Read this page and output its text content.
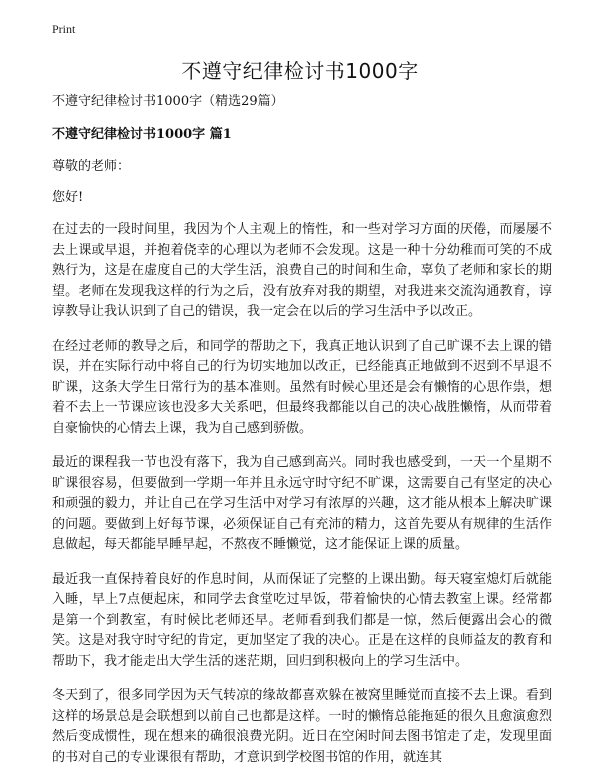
Print
不遵守纪律检讨书1000字

不遵守纪律检讨书1000字（精选29篇）

不遵守纪律检讨书1000字 篇1

尊敬的老师：

您好!

在过去的一段时间里，我因为个人主观上的惰性，和一些对学习方面的厌倦，而屡屡不去上课或早退，并抱着侥幸的心理以为老师不会发现。这是一种十分幼稚而可笑的不成熟行为，这是在虚度自己的大学生活，浪费自己的时间和生命，辜负了老师和家长的期望。老师在发现我这样的行为之后，没有放弃对我的期望，对我进来交流沟通教育，谆谆教导让我认识到了自己的错误，我一定会在以后的学习生活中予以改正。

在经过老师的教导之后，和同学的帮助之下，我真正地认识到了自己旷课不去上课的错误，并在实际行动中将自己的行为切实地加以改正，已经能真正地做到不迟到不早退不旷课，这条大学生日常行为的基本准则。虽然有时候心里还是会有懒惰的心思作祟，想着不去上一节课应该也没多大关系吧，但最终我都能以自己的决心战胜懒惰，从而带着自豪愉快的心情去上课，我为自己感到骄傲。

最近的课程我一节也没有落下，我为自己感到高兴。同时我也感受到，一天一个星期不旷课很容易，但要做到一学期一年并且永远守时守纪不旷课，这需要自己有坚定的决心和顽强的毅力，并让自己在学习生活中对学习有浓厚的兴趣，这才能从根本上解决旷课的问题。要做到上好每节课，必须保证自己有充沛的精力，这首先要从有规律的生活作息做起，每天都能早睡早起，不熬夜不睡懒觉，这才能保证上课的质量。

最近我一直保持着良好的作息时间，从而保证了完整的上课出勤。每天寝室熄灯后就能入睡，早上7点便起床，和同学去食堂吃过早饭，带着愉快的心情去教室上课。经常都是第一个到教室，有时候比老师还早。老师看到我们都是一惊，然后便露出会心的微笑。这是对我守时守纪的肯定，更加坚定了我的决心。正是在这样的良师益友的教育和帮助下，我才能走出大学生活的迷茫期，回归到积极向上的学习生活中。

冬天到了，很多同学因为天气转凉的缘故都喜欢躲在被窝里睡觉而直接不去上课。看到这样的场景总是会联想到以前自己也都是这样。一时的懒惰总能拖延的很久且愈演愈烈然后变成惯性，现在想来的确很浪费光阴。近日在空闲时间去图书馆走了走，发现里面的书对自己的专业课很有帮助，才意识到学校图书馆的作用，就连其
